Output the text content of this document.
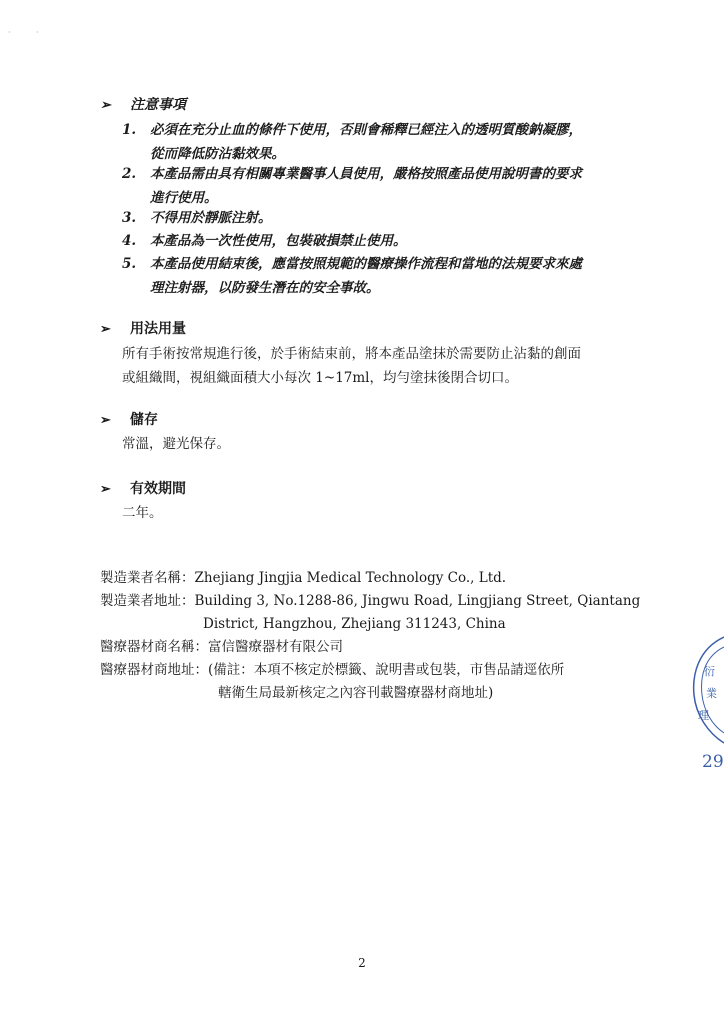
·          ·
➢ 注意事項
1. 必須在充分止血的條件下使用，否則會稀釋已經注入的透明質酸鈉凝膠，
從而降低防沾黏效果。
2. 本產品需由具有相關專業醫事人員使用，嚴格按照產品使用說明書的要求
進行使用。
3. 不得用於靜脈注射。
4. 本產品為一次性使用，包裝破損禁止使用。
5. 本產品使用結束後，應當按照規範的醫療操作流程和當地的法規要求來處
理注射器，以防發生潛在的安全事故。
➢ 用法用量
所有手術按常規進行後，於手術結束前，將本產品塗抹於需要防止沾黏的創面
或組織間，視組織面積大小每次 1~17ml，均勻塗抹後閉合切口。
➢ 儲存
常溫，避光保存。
➢ 有效期間
二年。
製造業者名稱：Zhejiang Jingjia Medical Technology Co., Ltd.
製造業者地址：Building 3, No.1288-86, Jingwu Road, Lingjiang Street, Qiantang
District, Hangzhou, Zhejiang 311243, China
醫療器材商名稱：富信醫療器材有限公司
醫療器材商地址：(備註：本項不核定於標籤、說明書或包裝，市售品請逕依所
轄衛生局最新核定之內容刊載醫療器材商地址)
衍
業
理
29
2
